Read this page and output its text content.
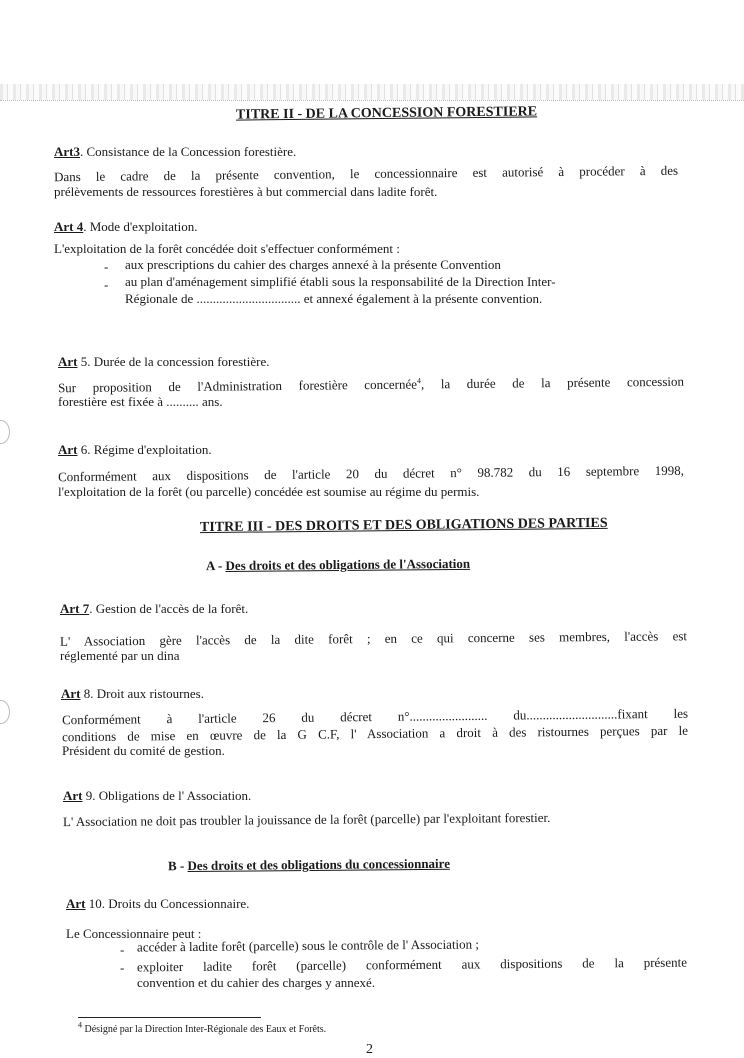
TITRE II - DE LA CONCESSION FORESTIERE
Art3. Consistance de la Concession forestière.
Dans le cadre de la présente convention, le concessionnaire est autorisé à procéder à des
prélèvements de ressources forestières à but commercial dans ladite forêt.
Art 4. Mode d'exploitation.
L'exploitation de la forêt concédée doit s'effectuer conformément :
- aux prescriptions du cahier des charges annexé à la présente Convention
- au plan d'aménagement simplifié établi sous la responsabilité de la Direction Inter-
Régionale de ................................ et annexé également à la présente convention.
Art 5. Durée de la concession forestière.
Sur proposition de l'Administration forestière concernée$^4$, la durée de la présente concession
forestière est fixée à .......... ans.
Art 6. Régime d'exploitation.
Conformément aux dispositions de l'article 20 du décret n° 98.782 du 16 septembre 1998,
l'exploitation de la forêt (ou parcelle) concédée est soumise au régime du permis.
TITRE III - DES DROITS ET DES OBLIGATIONS DES PARTIES
A - Des droits et des obligations de l'Association
Art 7. Gestion de l'accès de la forêt.
L' Association gère l'accès de la dite forêt ; en ce qui concerne ses membres, l'accès est
réglementé par un dina
Art 8. Droit aux ristournes.
Conformément à l'article 26 du décret n°........................ du............................fixant les
conditions de mise en œuvre de la G C.F, l' Association a droit à des ristournes perçues par le
Président du comité de gestion.
Art 9. Obligations de l' Association.
L' Association ne doit pas troubler la jouissance de la forêt (parcelle) par l'exploitant forestier.
B - Des droits et des obligations du concessionnaire
Art 10. Droits du Concessionnaire.
Le Concessionnaire peut :
- accéder à ladite forêt (parcelle) sous le contrôle de l' Association ;
- exploiter ladite forêt (parcelle) conformément aux dispositions de la présente
convention et du cahier des charges y annexé.
$^4$ Désigné par la Direction Inter-Régionale des Eaux et Forêts.
2
